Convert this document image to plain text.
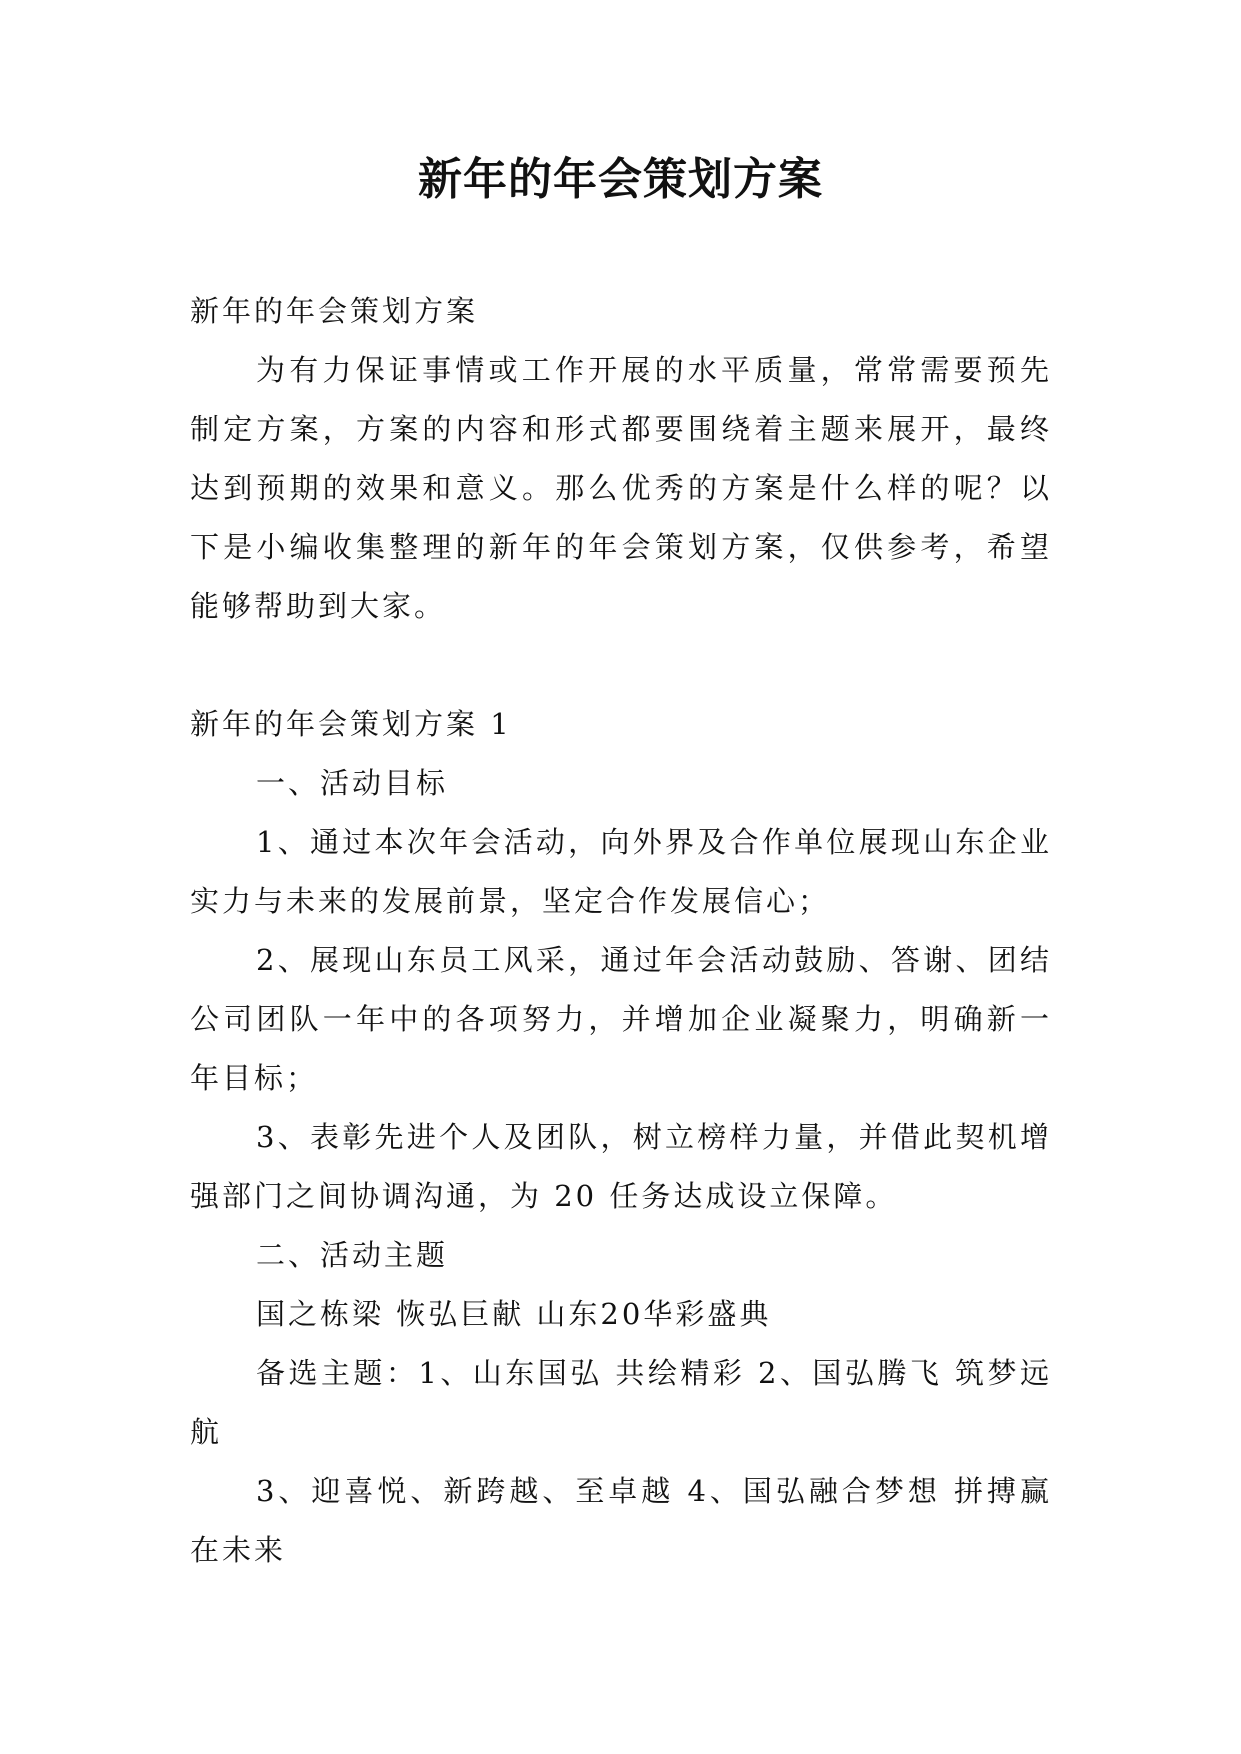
新年的年会策划方案

新年的年会策划方案

为有力保证事情或工作开展的水平质量，常常需要预先制定方案，方案的内容和形式都要围绕着主题来展开，最终达到预期的效果和意义。那么优秀的方案是什么样的呢？以下是小编收集整理的新年的年会策划方案，仅供参考，希望能够帮助到大家。

新年的年会策划方案 1

一、活动目标

1、通过本次年会活动，向外界及合作单位展现山东企业实力与未来的发展前景，坚定合作发展信心；

2、展现山东员工风采，通过年会活动鼓励、答谢、团结公司团队一年中的各项努力，并增加企业凝聚力，明确新一年目标；

3、表彰先进个人及团队，树立榜样力量，并借此契机增强部门之间协调沟通，为 20 任务达成设立保障。

二、活动主题

国之栋梁 恢弘巨献 山东20华彩盛典

备选主题：1、山东国弘 共绘精彩 2、国弘腾飞 筑梦远航

3、迎喜悦、新跨越、至卓越 4、国弘融合梦想 拼搏赢在未来
